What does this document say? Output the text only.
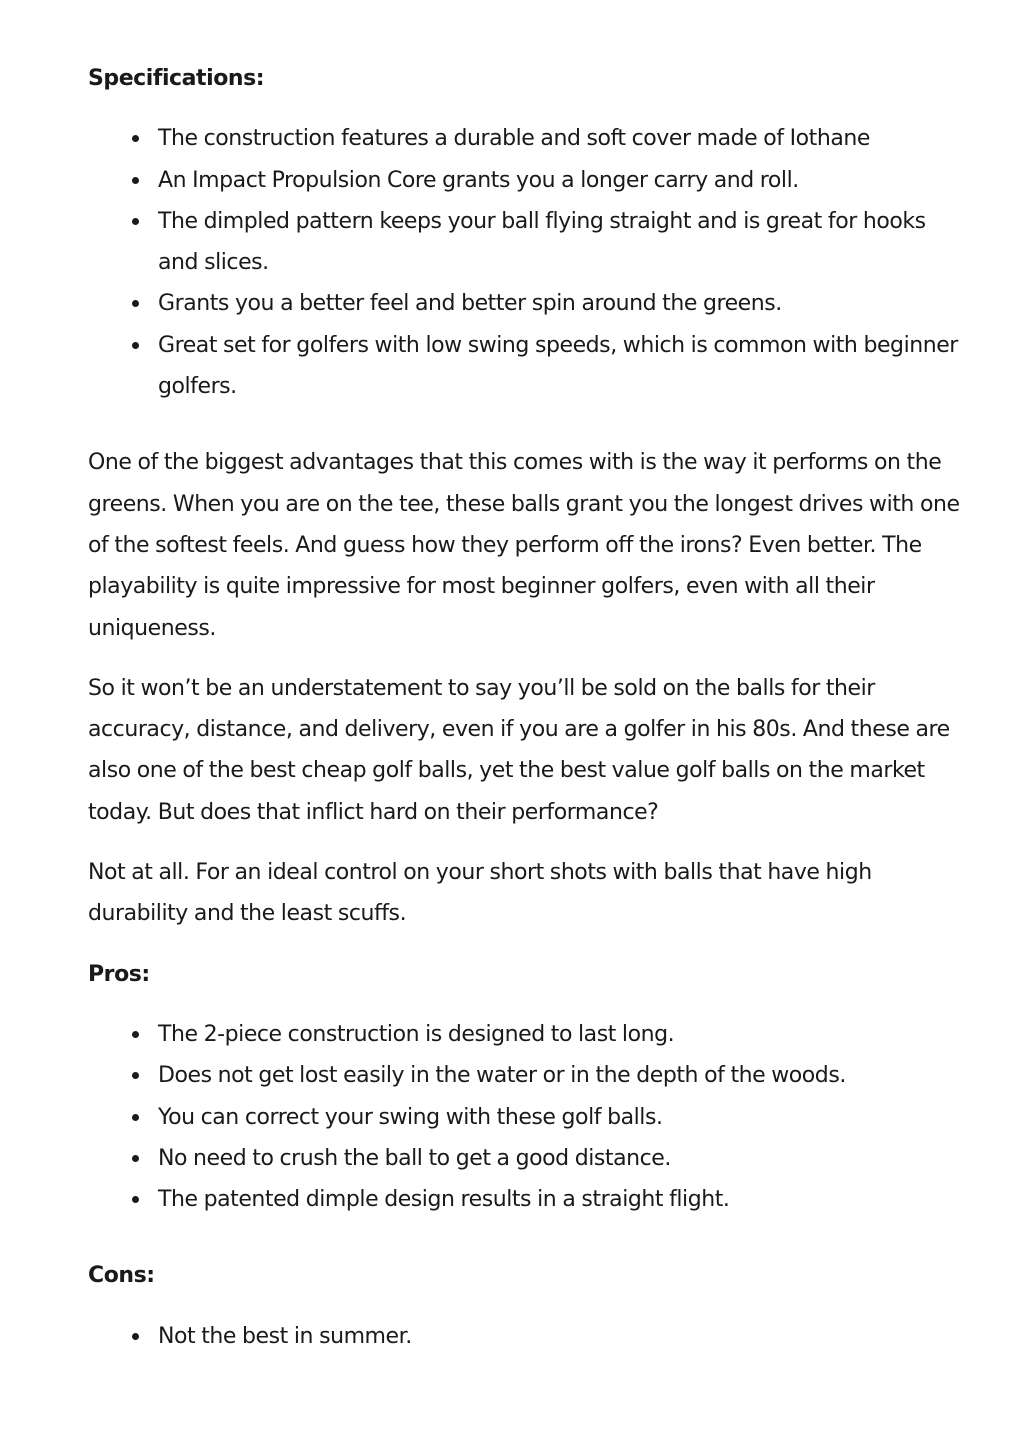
Specifications:

The construction features a durable and soft cover made of Iothane
An Impact Propulsion Core grants you a longer carry and roll.
The dimpled pattern keeps your ball flying straight and is great for hooks and slices.
Grants you a better feel and better spin around the greens.
Great set for golfers with low swing speeds, which is common with beginner golfers.

One of the biggest advantages that this comes with is the way it performs on the greens. When you are on the tee, these balls grant you the longest drives with one of the softest feels. And guess how they perform off the irons? Even better. The playability is quite impressive for most beginner golfers, even with all their uniqueness.

So it won’t be an understatement to say you’ll be sold on the balls for their accuracy, distance, and delivery, even if you are a golfer in his 80s. And these are also one of the best cheap golf balls, yet the best value golf balls on the market today. But does that inflict hard on their performance?

Not at all. For an ideal control on your short shots with balls that have high durability and the least scuffs.

Pros:

The 2-piece construction is designed to last long.
Does not get lost easily in the water or in the depth of the woods.
You can correct your swing with these golf balls.
No need to crush the ball to get a good distance.
The patented dimple design results in a straight flight.

Cons:

Not the best in summer.
